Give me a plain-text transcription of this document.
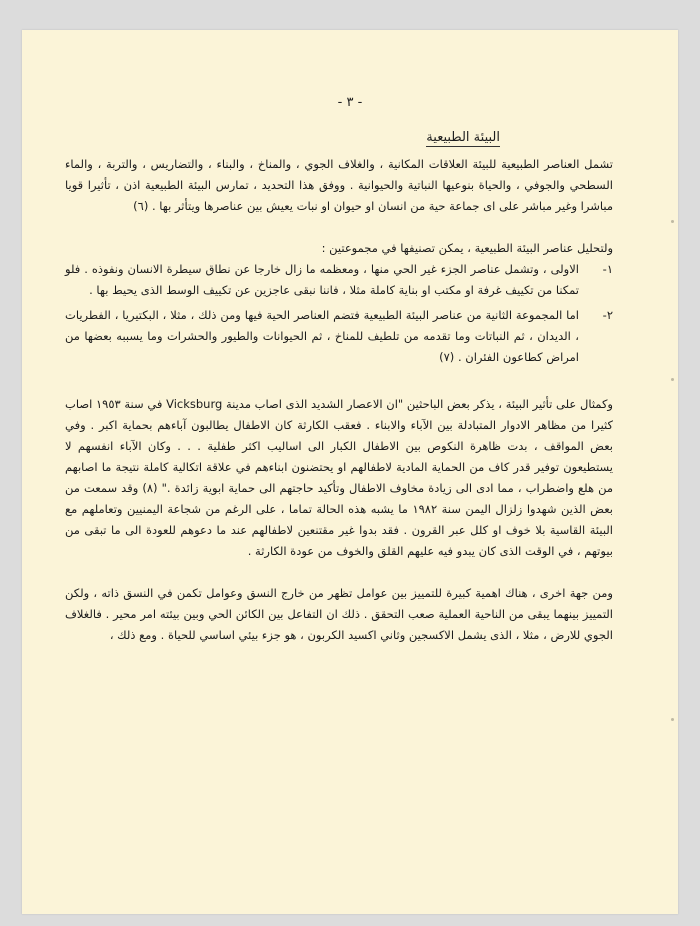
- ٣ -
البيئة الطبيعية

تشمل العناصر الطبيعية للبيئة العلاقات المكانية ، والغلاف الجوي ، والمناخ ، والبناء ، والتضاريس ، والتربة ، والماء السطحي والجوفي ، والحياة بنوعيها النباتية والحيوانية . ووفق هذا التحديد ، تمارس البيئة الطبيعية اذن ، تأثيرا قويا مباشرا وغير مباشر على اى جماعة حية من انسان او حيوان او نبات يعيش بين عناصرها ويتأثر بها . (٦)

ولتحليل عناصر البيئة الطبيعية ، يمكن تصنيفها في مجموعتين :

١-
الاولى ، وتشمل عناصر الجزء غير الحي منها ، ومعظمه ما زال خارجا عن نطاق سيطرة الانسان ونفوذه . فلو تمكنا من تكييف غرفة او مكتب او بناية كاملة مثلا ، فاننا نبقى عاجزين عن تكييف الوسط الذى يحيط بها .
٢-
اما المجموعة الثانية من عناصر البيئة الطبيعية فتضم العناصر الحية فيها ومن ذلك ، مثلا ، البكتيريا ، الفطريات ، الديدان ، ثم النباتات وما تقدمه من تلطيف للمناخ ، ثم الحيوانات والطيور والحشرات وما يسببه بعضها من امراض كطاعون الفئران . (٧)

وكمثال على تأثير البيئة ، يذكر بعض الباحثين "ان الاعصار الشديد الذى اصاب مدينة Vicksburg في سنة ١٩٥٣ اصاب كثيرا من مظاهر الادوار المتبادلة بين الآباء والابناء . فعقب الكارثة كان الاطفال يطالبون آباءهم بحماية اكبر . وفي بعض المواقف ، بدت ظاهرة النكوص بين الاطفال الكبار الى اساليب اكثر طفلية . . . وكان الآباء انفسهم لا يستطيعون توفير قدر كاف من الحماية المادية لاطفالهم او يحتضنون ابناءهم في علاقة اتكالية كاملة نتيجة ما اصابهم من هلع واضطراب ، مما ادى الى زيادة مخاوف الاطفال وتأكيد حاجتهم الى حماية ابوية زائدة ." (٨) وقد سمعت من بعض الذين شهدوا زلزال اليمن سنة ١٩٨٢ ما يشبه هذه الحالة تماما ، على الرغم من شجاعة اليمنيين وتعاملهم مع البيئة القاسية بلا خوف او كلل عبر القرون . فقد بدوا غير مقتنعين لاطفالهم عند ما دعوهم للعودة الى ما تبقى من بيوتهم ، في الوقت الذى كان يبدو فيه عليهم القلق والخوف من عودة الكارثة .

ومن جهة اخرى ، هناك اهمية كبيرة للتمييز بين عوامل تظهر من خارج النسق وعوامل تكمن في النسق ذاته ، ولكن التمييز بينهما يبقى من الناحية العملية صعب التحقق . ذلك ان التفاعل بين الكائن الحي وبين بيئته امر محير . فالغلاف الجوي للارض ، مثلا ، الذى يشمل الاكسجين وثاني اكسيد الكربون ، هو جزء بيئي اساسي للحياة . ومع ذلك ،
